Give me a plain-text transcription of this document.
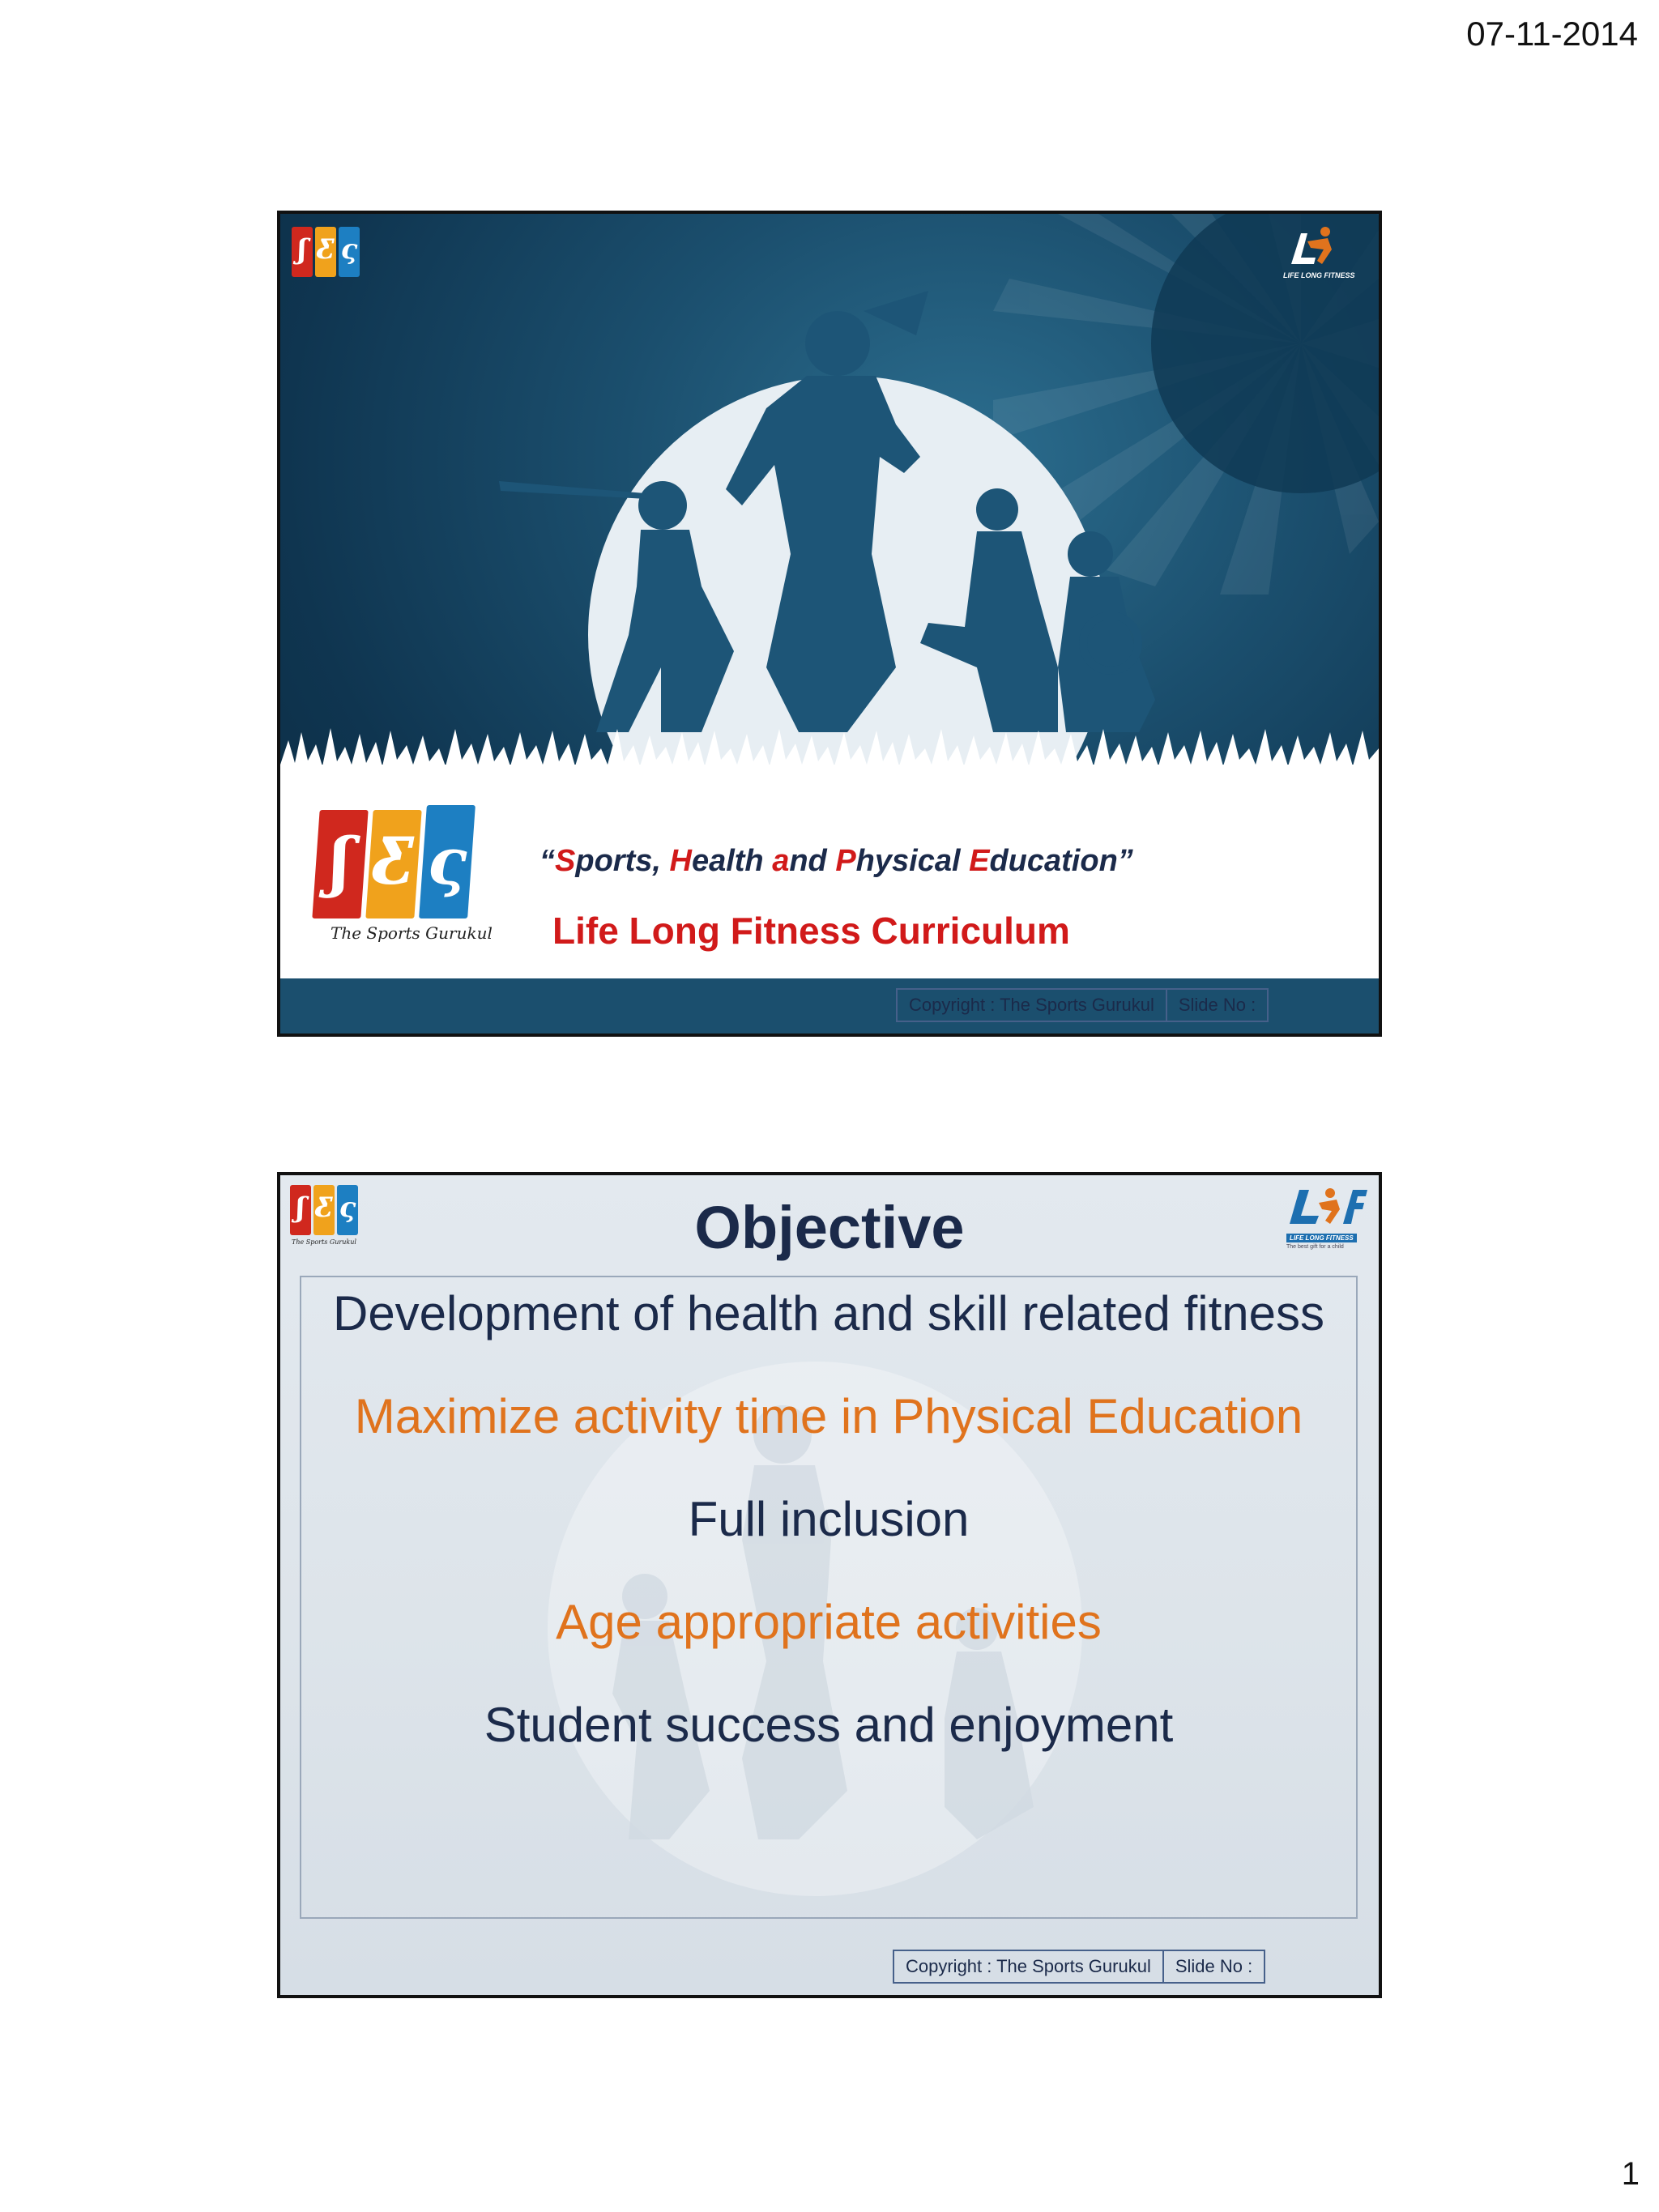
07-11-2014
ʃ Ƹ ς
LIFE LONG FITNESS
ʃ Ƹ ς
The Sports Gurukul
“Sports, Health and Physical Education”
Life Long Fitness Curriculum
Copyright : The Sports Gurukul	Slide No :
ʃ Ƹ ς
The Sports Gurukul
LIFE LONG FITNESS
The best gift for a child
Objective
Development of health and skill related fitness
Maximize activity time in Physical Education
Full inclusion
Age appropriate activities
Student success and enjoyment
Copyright : The Sports Gurukul	Slide No :
1
